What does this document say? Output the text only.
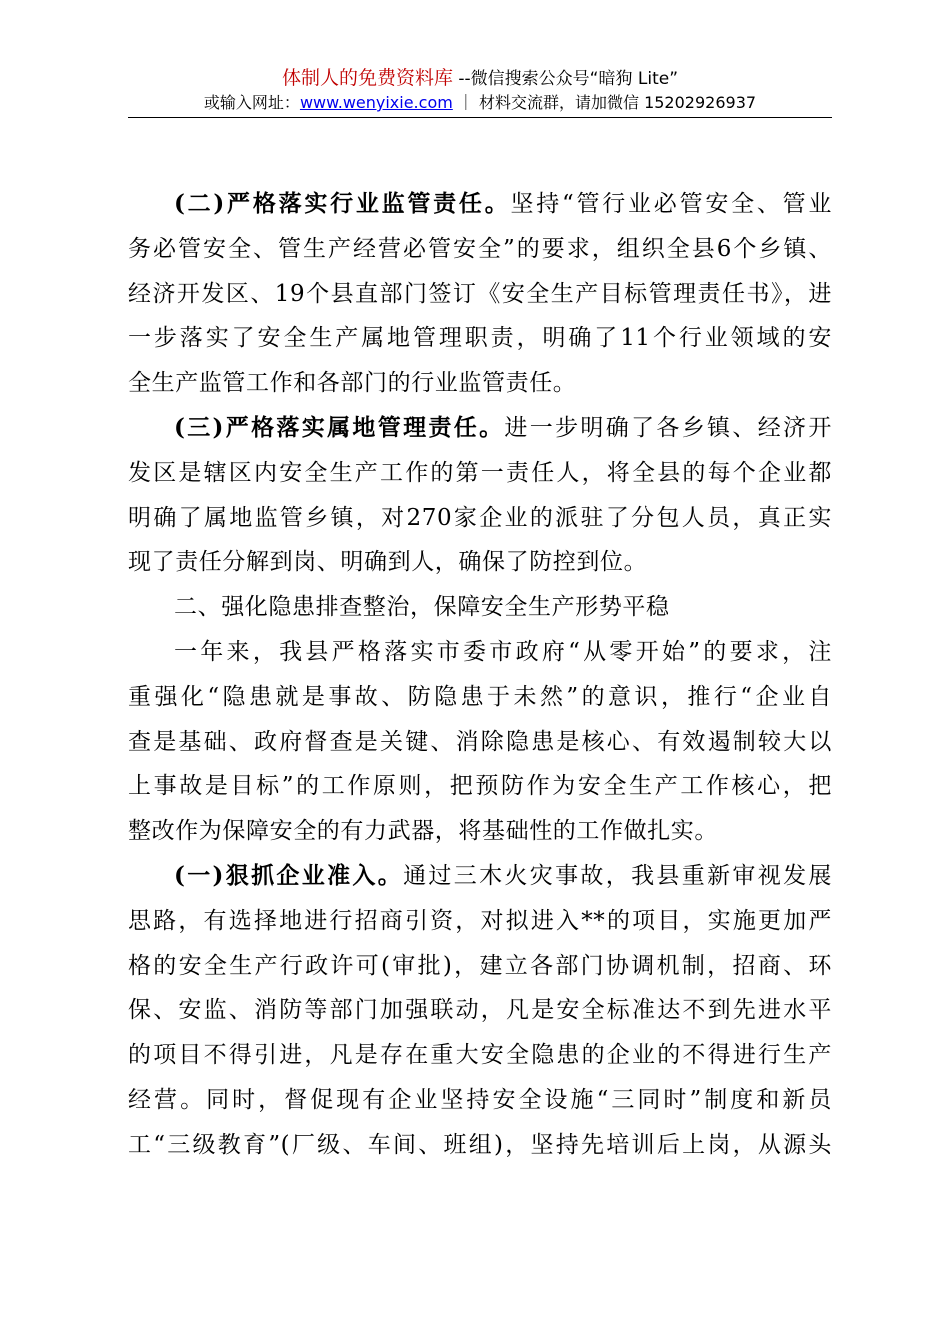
体制人的免费资料库 --微信搜索公众号“暗狗 Lite”
或输入网址：www.wenyixie.com ｜ 材料交流群，请加微信 15202926937
(二)严格落实行业监管责任。坚持“管行业必管安全、管业
务必管安全、管生产经营必管安全”的要求，组织全县6个乡镇、
经济开发区、19个县直部门签订《安全生产目标管理责任书》，进
一步落实了安全生产属地管理职责，明确了11个行业领域的安
全生产监管工作和各部门的行业监管责任。
(三)严格落实属地管理责任。进一步明确了各乡镇、经济开
发区是辖区内安全生产工作的第一责任人，将全县的每个企业都
明确了属地监管乡镇，对270家企业的派驻了分包人员，真正实
现了责任分解到岗、明确到人，确保了防控到位。
二、强化隐患排查整治，保障安全生产形势平稳
一年来，我县严格落实市委市政府“从零开始”的要求，注
重强化“隐患就是事故、防隐患于未然”的意识，推行“企业自
查是基础、政府督查是关键、消除隐患是核心、有效遏制较大以
上事故是目标”的工作原则，把预防作为安全生产工作核心，把
整改作为保障安全的有力武器，将基础性的工作做扎实。
(一)狠抓企业准入。通过三木火灾事故，我县重新审视发展
思路，有选择地进行招商引资，对拟进入**的项目，实施更加严
格的安全生产行政许可(审批)，建立各部门协调机制，招商、环
保、安监、消防等部门加强联动，凡是安全标准达不到先进水平
的项目不得引进，凡是存在重大安全隐患的企业的不得进行生产
经营。同时，督促现有企业坚持安全设施“三同时”制度和新员
工“三级教育”(厂级、车间、班组)，坚持先培训后上岗，从源头
